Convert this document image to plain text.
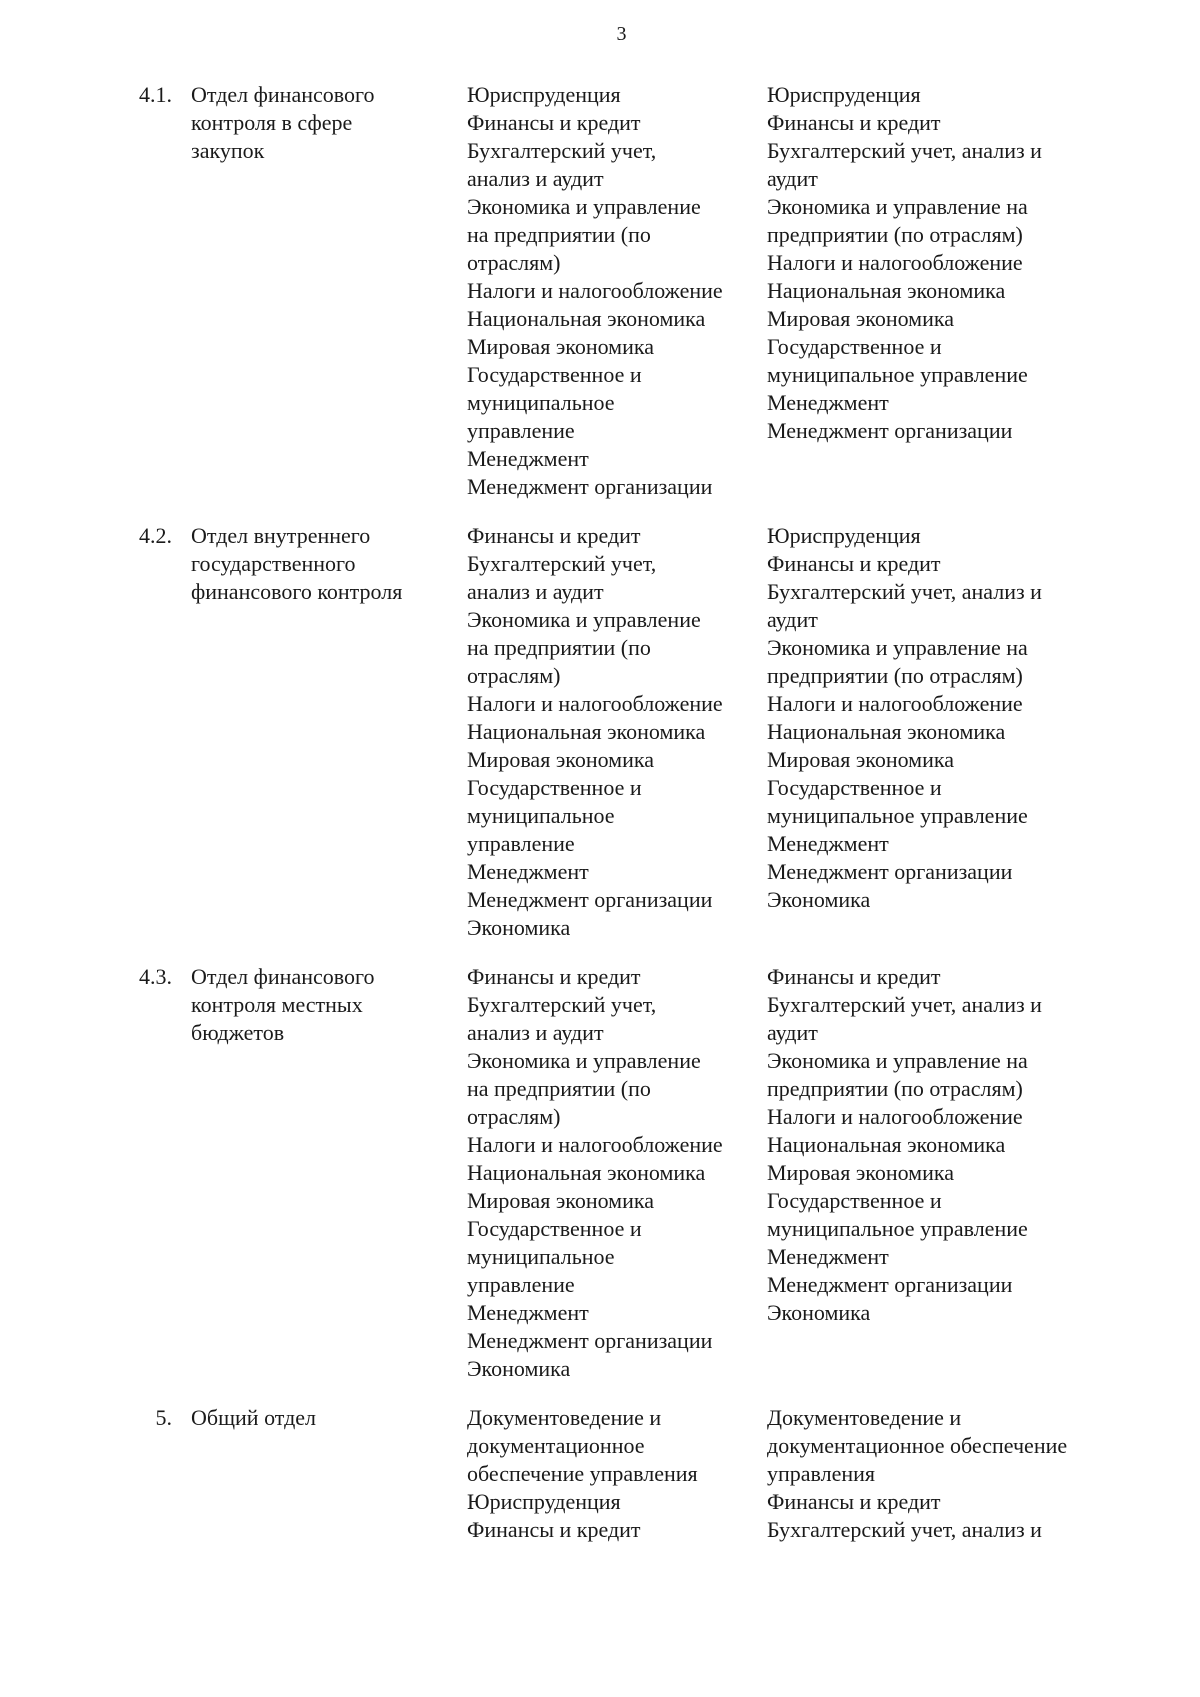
3
4.1. Отдел финансового
контроля в сфере
закупок
Юриспруденция
Финансы и кредит
Бухгалтерский учет,
анализ и аудит
Экономика и управление
на предприятии (по
отраслям)
Налоги и налогообложение
Национальная экономика
Мировая экономика
Государственное и
муниципальное
управление
Менеджмент
Менеджмент организации
Юриспруденция
Финансы и кредит
Бухгалтерский учет, анализ и
аудит
Экономика и управление на
предприятии (по отраслям)
Налоги и налогообложение
Национальная экономика
Мировая экономика
Государственное и
муниципальное управление
Менеджмент
Менеджмент организации
4.2. Отдел внутреннего
государственного
финансового контроля
Финансы и кредит
Бухгалтерский учет,
анализ и аудит
Экономика и управление
на предприятии (по
отраслям)
Налоги и налогообложение
Национальная экономика
Мировая экономика
Государственное и
муниципальное
управление
Менеджмент
Менеджмент организации
Экономика
Юриспруденция
Финансы и кредит
Бухгалтерский учет, анализ и
аудит
Экономика и управление на
предприятии (по отраслям)
Налоги и налогообложение
Национальная экономика
Мировая экономика
Государственное и
муниципальное управление
Менеджмент
Менеджмент организации
Экономика
4.3. Отдел финансового
контроля местных
бюджетов
Финансы и кредит
Бухгалтерский учет,
анализ и аудит
Экономика и управление
на предприятии (по
отраслям)
Налоги и налогообложение
Национальная экономика
Мировая экономика
Государственное и
муниципальное
управление
Менеджмент
Менеджмент организации
Экономика
Финансы и кредит
Бухгалтерский учет, анализ и
аудит
Экономика и управление на
предприятии (по отраслям)
Налоги и налогообложение
Национальная экономика
Мировая экономика
Государственное и
муниципальное управление
Менеджмент
Менеджмент организации
Экономика
5. Общий отдел	Документоведение и
документационное
обеспечение управления
Юриспруденция
Финансы и кредит
Документоведение и
документационное обеспечение
управления
Финансы и кредит
Бухгалтерский учет, анализ и
